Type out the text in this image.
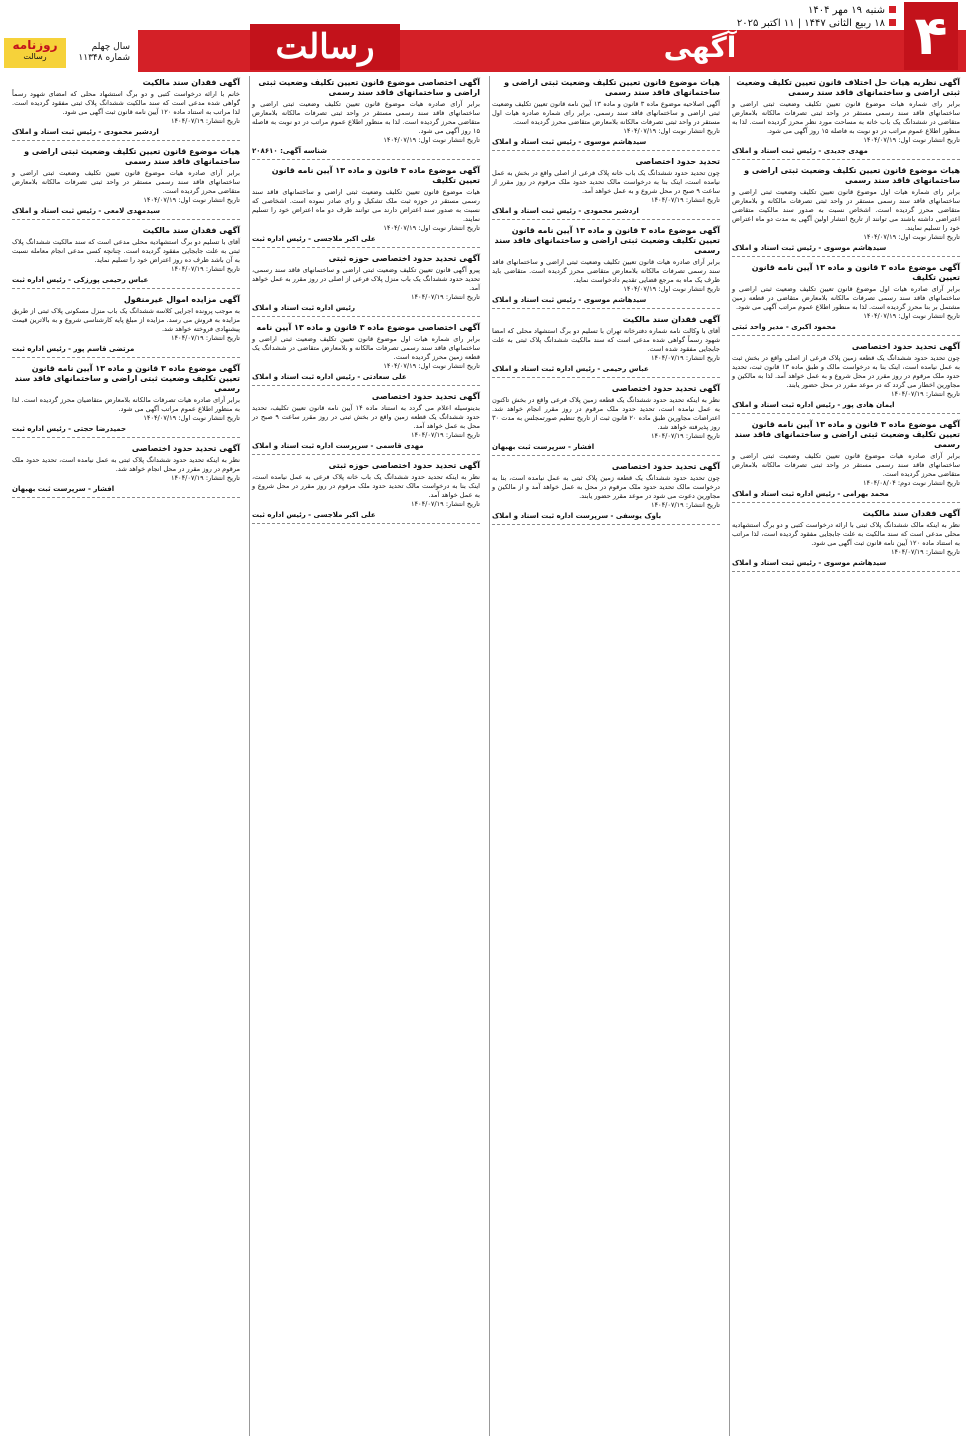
روزنامه
رسالت
سال چهلم
شماره ۱۱۳۴۸	رسالت	آگهی	۴
شنبه ۱۹ مهر ۱۴۰۴
۱۸ ربیع الثانی ۱۴۴۷ | ۱۱ اکتبر ۲۰۲۵
آگهی نظریه هیات حل اختلاف قانون تعیین تکلیف وضعیت ثبتی اراضی و ساختمانهای فاقد سند رسمی

برابر رای شماره هیات موضوع قانون تعیین تکلیف وضعیت ثبتی اراضی و ساختمانهای فاقد سند رسمی مستقر در واحد ثبتی تصرفات مالکانه بلامعارض متقاضی در ششدانگ یک باب خانه به مساحت مورد نظر محرز گردیده است. لذا به منظور اطلاع عموم مراتب در دو نوبت به فاصله ۱۵ روز آگهی می شود.

تاریخ انتشار نوبت اول: ۱۴۰۴/۰۷/۱۹
مهدی جدیدی - رئیس ثبت اسناد و املاک
هیات موضوع قانون تعیین تکلیف وضعیت ثبتی اراضی و ساختمانهای فاقد سند رسمی

برابر رای شماره هیات اول موضوع قانون تعیین تکلیف وضعیت ثبتی اراضی و ساختمانهای فاقد سند رسمی مستقر در واحد ثبتی تصرفات مالکانه و بلامعارض متقاضی محرز گردیده است. اشخاص نسبت به صدور سند مالکیت متقاضی اعتراضی داشته باشند می توانند از تاریخ انتشار اولین آگهی به مدت دو ماه اعتراض خود را تسلیم نمایند.

تاریخ انتشار نوبت اول: ۱۴۰۴/۰۷/۱۹
سیدهاشم موسوی - رئیس ثبت اسناد و املاک
آگهی موضوع ماده ۳ قانون و ماده ۱۳ آیین نامه قانون تعیین تکلیف

برابر آرای صادره هیات اول موضوع قانون تعیین تکلیف وضعیت ثبتی اراضی و ساختمانهای فاقد سند رسمی تصرفات مالکانه بلامعارض متقاضی در قطعه زمین مشتمل بر بنا محرز گردیده است. لذا به منظور اطلاع عموم مراتب آگهی می شود.

تاریخ انتشار نوبت اول: ۱۴۰۴/۰۷/۱۹
محمود اکبری - مدیر واحد ثبتی
آگهی تحدید حدود اختصاصی

چون تحدید حدود ششدانگ یک قطعه زمین پلاک فرعی از اصلی واقع در بخش ثبت به عمل نیامده است، اینک بنا به درخواست مالک و طبق ماده ۱۳ قانون ثبت، تحدید حدود ملک مرقوم در روز مقرر در محل شروع و به عمل خواهد آمد. لذا به مالکین و مجاورین اخطار می گردد که در موعد مقرر در محل حضور یابند.

تاریخ انتشار: ۱۴۰۴/۰۷/۱۹
ایمان هادی پور - رئیس اداره ثبت اسناد و املاک
آگهی موضوع ماده ۳ قانون و ماده ۱۳ آیین نامه قانون تعیین تکلیف وضعیت ثبتی اراضی و ساختمانهای فاقد سند رسمی

برابر آرای صادره هیات موضوع قانون تعیین تکلیف وضعیت ثبتی اراضی و ساختمانهای فاقد سند رسمی مستقر در واحد ثبتی تصرفات مالکانه بلامعارض متقاضی محرز گردیده است.

تاریخ انتشار نوبت دوم: ۱۴۰۴/۰۸/۰۴
محمد بهرامی - رئیس اداره ثبت اسناد و املاک
آگهی فقدان سند مالکیت

نظر به اینکه مالک ششدانگ پلاک ثبتی با ارائه درخواست کتبی و دو برگ استشهادیه محلی مدعی است که سند مالکیت به علت جابجایی مفقود گردیده است، لذا مراتب به استناد ماده ۱۲۰ آیین نامه قانون ثبت آگهی می شود.

تاریخ انتشار: ۱۴۰۴/۰۷/۱۹
سیدهاشم موسوی - رئیس ثبت اسناد و املاک
هیات موضوع قانون تعیین تکلیف وضعیت ثبتی اراضی و ساختمانهای فاقد سند رسمی

آگهی اصلاحیه موضوع ماده ۳ قانون و ماده ۱۳ آیین نامه قانون تعیین تکلیف وضعیت ثبتی اراضی و ساختمانهای فاقد سند رسمی. برابر رای شماره صادره هیات اول مستقر در واحد ثبتی تصرفات مالکانه بلامعارض متقاضی محرز گردیده است.

تاریخ انتشار نوبت اول: ۱۴۰۴/۰۷/۱۹
سیدهاشم موسوی - رئیس ثبت اسناد و املاک
تحدید حدود اختصاصی

چون تحدید حدود ششدانگ یک باب خانه پلاک فرعی از اصلی واقع در بخش به عمل نیامده است، اینک بنا به درخواست مالک تحدید حدود ملک مرقوم در روز مقرر از ساعت ۹ صبح در محل شروع و به عمل خواهد آمد.

تاریخ انتشار: ۱۴۰۴/۰۷/۱۹
اردشیر محمودی - رئیس ثبت اسناد و املاک
آگهی موضوع ماده ۳ قانون و ماده ۱۳ آیین نامه قانون تعیین تکلیف وضعیت ثبتی اراضی و ساختمانهای فاقد سند رسمی

برابر آرای صادره هیات قانون تعیین تکلیف وضعیت ثبتی اراضی و ساختمانهای فاقد سند رسمی تصرفات مالکانه بلامعارض متقاضی محرز گردیده است. متقاضی باید ظرف یک ماه به مرجع قضایی تقدیم دادخواست نماید.

تاریخ انتشار نوبت اول: ۱۴۰۴/۰۷/۱۹
سیدهاشم موسوی - رئیس ثبت اسناد و املاک
آگهی فقدان سند مالکیت

آقای با وکالت نامه شماره دفترخانه تهران با تسلیم دو برگ استشهاد محلی که امضا شهود رسماً گواهی شده مدعی است که سند مالکیت ششدانگ پلاک ثبتی به علت جابجایی مفقود شده است.

تاریخ انتشار: ۱۴۰۴/۰۷/۱۹
عباس رحیمی - رئیس اداره ثبت اسناد و املاک
آگهی تحدید حدود اختصاصی

نظر به اینکه تحدید حدود ششدانگ یک قطعه زمین پلاک فرعی واقع در بخش تاکنون به عمل نیامده است، تحدید حدود ملک مرقوم در روز مقرر انجام خواهد شد. اعتراضات مجاورین طبق ماده ۲۰ قانون ثبت از تاریخ تنظیم صورتمجلس به مدت ۳۰ روز پذیرفته خواهد شد.

تاریخ انتشار: ۱۴۰۴/۰۷/۱۹
افشار - سرپرست ثبت بهبهان
آگهی تحدید حدود اختصاصی

چون تحدید حدود ششدانگ یک قطعه زمین پلاک ثبتی به عمل نیامده است، بنا به درخواست مالک تحدید حدود ملک مرقوم در محل به عمل خواهد آمد و از مالکین و مجاورین دعوت می شود در موعد مقرر حضور یابند.

تاریخ انتشار: ۱۴۰۴/۰۷/۱۹
باوک یوسفی - سرپرست اداره ثبت اسناد و املاک
آگهی اختصاصی موضوع قانون تعیین تکلیف وضعیت ثبتی اراضی و ساختمانهای فاقد سند رسمی

برابر آرای صادره هیات موضوع قانون تعیین تکلیف وضعیت ثبتی اراضی و ساختمانهای فاقد سند رسمی مستقر در واحد ثبتی تصرفات مالکانه بلامعارض متقاضی محرز گردیده است. لذا به منظور اطلاع عموم مراتب در دو نوبت به فاصله ۱۵ روز آگهی می شود.

تاریخ انتشار نوبت اول: ۱۴۰۴/۰۷/۱۹
شناسه آگهی: ۲۰۸۶۱۰
آگهی موضوع ماده ۳ قانون و ماده ۱۳ آیین نامه قانون تعیین تکلیف

هیات موضوع قانون تعیین تکلیف وضعیت ثبتی اراضی و ساختمانهای فاقد سند رسمی مستقر در حوزه ثبت ملک تشکیل و رای صادر نموده است. اشخاصی که نسبت به صدور سند اعتراض دارند می توانند ظرف دو ماه اعتراض خود را تسلیم نمایند.

تاریخ انتشار نوبت اول: ۱۴۰۴/۰۷/۱۹
علی اکبر ملاجسی - رئیس اداره ثبت
آگهی تحدید حدود اختصاصی حوزه ثبتی

پیرو آگهی قانون تعیین تکلیف وضعیت ثبتی اراضی و ساختمانهای فاقد سند رسمی، تحدید حدود ششدانگ یک باب منزل پلاک فرعی از اصلی در روز مقرر به عمل خواهد آمد.

تاریخ انتشار: ۱۴۰۴/۰۷/۱۹
رئیس اداره ثبت اسناد و املاک
آگهی اختصاصی موضوع ماده ۳ قانون و ماده ۱۳ آیین نامه

برابر رای شماره هیات اول موضوع قانون تعیین تکلیف وضعیت ثبتی اراضی و ساختمانهای فاقد سند رسمی تصرفات مالکانه و بلامعارض متقاضی در ششدانگ یک قطعه زمین محرز گردیده است.

تاریخ انتشار نوبت اول: ۱۴۰۴/۰۷/۱۹
علی سعادتی - رئیس اداره ثبت اسناد و املاک
آگهی تحدید حدود اختصاصی

بدینوسیله اعلام می گردد به استناد ماده ۱۴ آیین نامه قانون تعیین تکلیف، تحدید حدود ششدانگ یک قطعه زمین واقع در بخش ثبتی در روز مقرر ساعت ۹ صبح در محل به عمل خواهد آمد.

تاریخ انتشار: ۱۴۰۴/۰۷/۱۹
مهدی قاسمی - سرپرست اداره ثبت اسناد و املاک
آگهی تحدید حدود اختصاصی حوزه ثبتی

نظر به اینکه تحدید حدود ششدانگ یک باب خانه پلاک فرعی به عمل نیامده است، اینک بنا به درخواست مالک تحدید حدود ملک مرقوم در روز مقرر در محل شروع و به عمل خواهد آمد.

تاریخ انتشار: ۱۴۰۴/۰۷/۱۹
علی اکبر ملاجسی - رئیس اداره ثبت
آگهی فقدان سند مالکیت

خانم با ارائه درخواست کتبی و دو برگ استشهاد محلی که امضای شهود رسماً گواهی شده مدعی است که سند مالکیت ششدانگ پلاک ثبتی مفقود گردیده است. لذا مراتب به استناد ماده ۱۲۰ آیین نامه قانون ثبت آگهی می شود.

تاریخ انتشار: ۱۴۰۴/۰۷/۱۹
اردشیر محمودی - رئیس ثبت اسناد و املاک
هیات موضوع قانون تعیین تکلیف وضعیت ثبتی اراضی و ساختمانهای فاقد سند رسمی

برابر آرای صادره هیات موضوع قانون تعیین تکلیف وضعیت ثبتی اراضی و ساختمانهای فاقد سند رسمی مستقر در واحد ثبتی تصرفات مالکانه بلامعارض متقاضی محرز گردیده است.

تاریخ انتشار نوبت اول: ۱۴۰۴/۰۷/۱۹
سیدمهدی لامعی - رئیس ثبت اسناد و املاک
آگهی فقدان سند مالکیت

آقای با تسلیم دو برگ استشهادیه محلی مدعی است که سند مالکیت ششدانگ پلاک ثبتی به علت جابجایی مفقود گردیده است. چنانچه کسی مدعی انجام معامله نسبت به آن باشد ظرف ده روز اعتراض خود را تسلیم نماید.

تاریخ انتشار: ۱۴۰۴/۰۷/۱۹
عباس رحیمی پورزکی - رئیس اداره ثبت
آگهی مزایده اموال غیرمنقول

به موجب پرونده اجرایی کلاسه ششدانگ یک باب منزل مسکونی پلاک ثبتی از طریق مزایده به فروش می رسد. مزایده از مبلغ پایه کارشناسی شروع و به بالاترین قیمت پیشنهادی فروخته خواهد شد.

تاریخ انتشار: ۱۴۰۴/۰۷/۱۹
مرتضی قاسم پور - رئیس اداره ثبت
آگهی موضوع ماده ۳ قانون و ماده ۱۳ آیین نامه قانون تعیین تکلیف وضعیت ثبتی اراضی و ساختمانهای فاقد سند رسمی

برابر آرای صادره هیات تصرفات مالکانه بلامعارض متقاضیان محرز گردیده است. لذا به منظور اطلاع عموم مراتب آگهی می شود.

تاریخ انتشار نوبت اول: ۱۴۰۴/۰۷/۱۹
حمیدرضا حجتی - رئیس اداره ثبت
آگهی تحدید حدود اختصاصی

نظر به اینکه تحدید حدود ششدانگ پلاک ثبتی به عمل نیامده است، تحدید حدود ملک مرقوم در روز مقرر در محل انجام خواهد شد.

تاریخ انتشار: ۱۴۰۴/۰۷/۱۹
افشار - سرپرست ثبت بهبهان
